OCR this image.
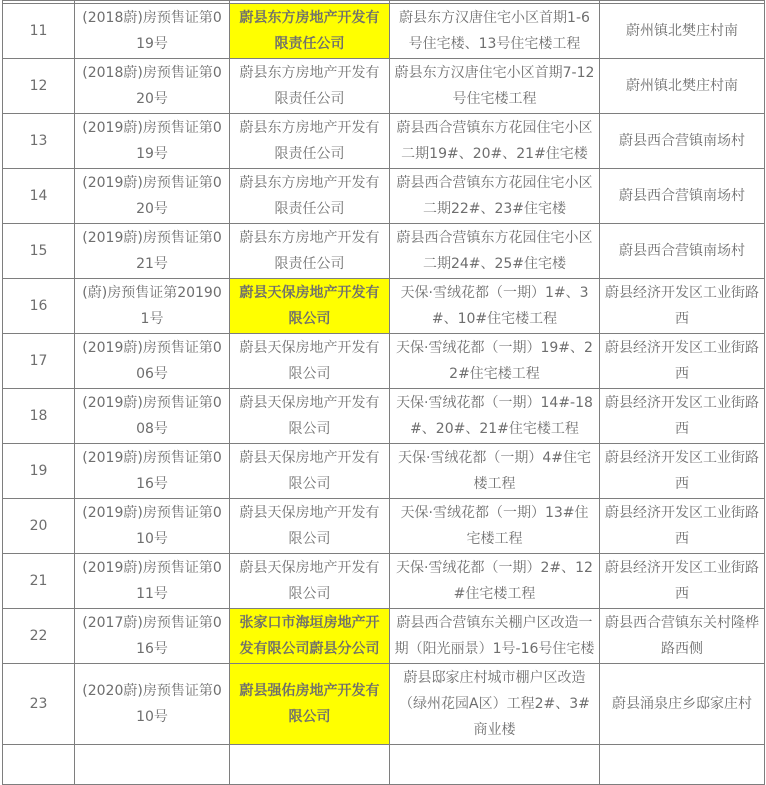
11	(2018蔚)房预售证第019号	蔚县东方房地产开发有限责任公司	蔚县东方汉唐住宅小区首期1-6号住宅楼、13号住宅楼工程	蔚州镇北樊庄村南
12	(2018蔚)房预售证第020号	蔚县东方房地产开发有限责任公司	蔚县东方汉唐住宅小区首期7-12号住宅楼工程	蔚州镇北樊庄村南
13	(2019蔚)房预售证第019号	蔚县东方房地产开发有限责任公司	蔚县西合营镇东方花园住宅小区二期19#、20#、21#住宅楼	蔚县西合营镇南场村
14	(2019蔚)房预售证第020号	蔚县东方房地产开发有限责任公司	蔚县西合营镇东方花园住宅小区二期22#、23#住宅楼	蔚县西合营镇南场村
15	(2019蔚)房预售证第021号	蔚县东方房地产开发有限责任公司	蔚县西合营镇东方花园住宅小区二期24#、25#住宅楼	蔚县西合营镇南场村
16	(蔚)房预售证第201901号	蔚县天保房地产开发有限公司	天保·雪绒花都（一期）1#、3#、10#住宅楼工程	蔚县经济开发区工业街路西
17	(2019蔚)房预售证第006号	蔚县天保房地产开发有限公司	天保·雪绒花都（一期）19#、22#住宅楼工程	蔚县经济开发区工业街路西
18	(2019蔚)房预售证第008号	蔚县天保房地产开发有限公司	天保·雪绒花都（一期）14#-18#、20#、21#住宅楼工程	蔚县经济开发区工业街路西
19	(2019蔚)房预售证第016号	蔚县天保房地产开发有限公司	天保·雪绒花都（一期）4#住宅楼工程	蔚县经济开发区工业街路西
20	(2019蔚)房预售证第010号	蔚县天保房地产开发有限公司	天保·雪绒花都（一期）13#住宅楼工程	蔚县经济开发区工业街路西
21	(2019蔚)房预售证第011号	蔚县天保房地产开发有限公司	天保·雪绒花都（一期）2#、12#住宅楼工程	蔚县经济开发区工业街路西
22	(2017蔚)房预售证第016号	张家口市海垣房地产开发有限公司蔚县分公司	蔚县西合营镇东关棚户区改造一期（阳光丽景）1号-16号住宅楼	蔚县西合营镇东关村隆桦路西侧
23	(2020蔚)房预售证第010号	蔚县强佑房地产开发有限公司	蔚县邸家庄村城市棚户区改造（绿州花园A区）工程2#、3#商业楼	蔚县涌泉庄乡邸家庄村
